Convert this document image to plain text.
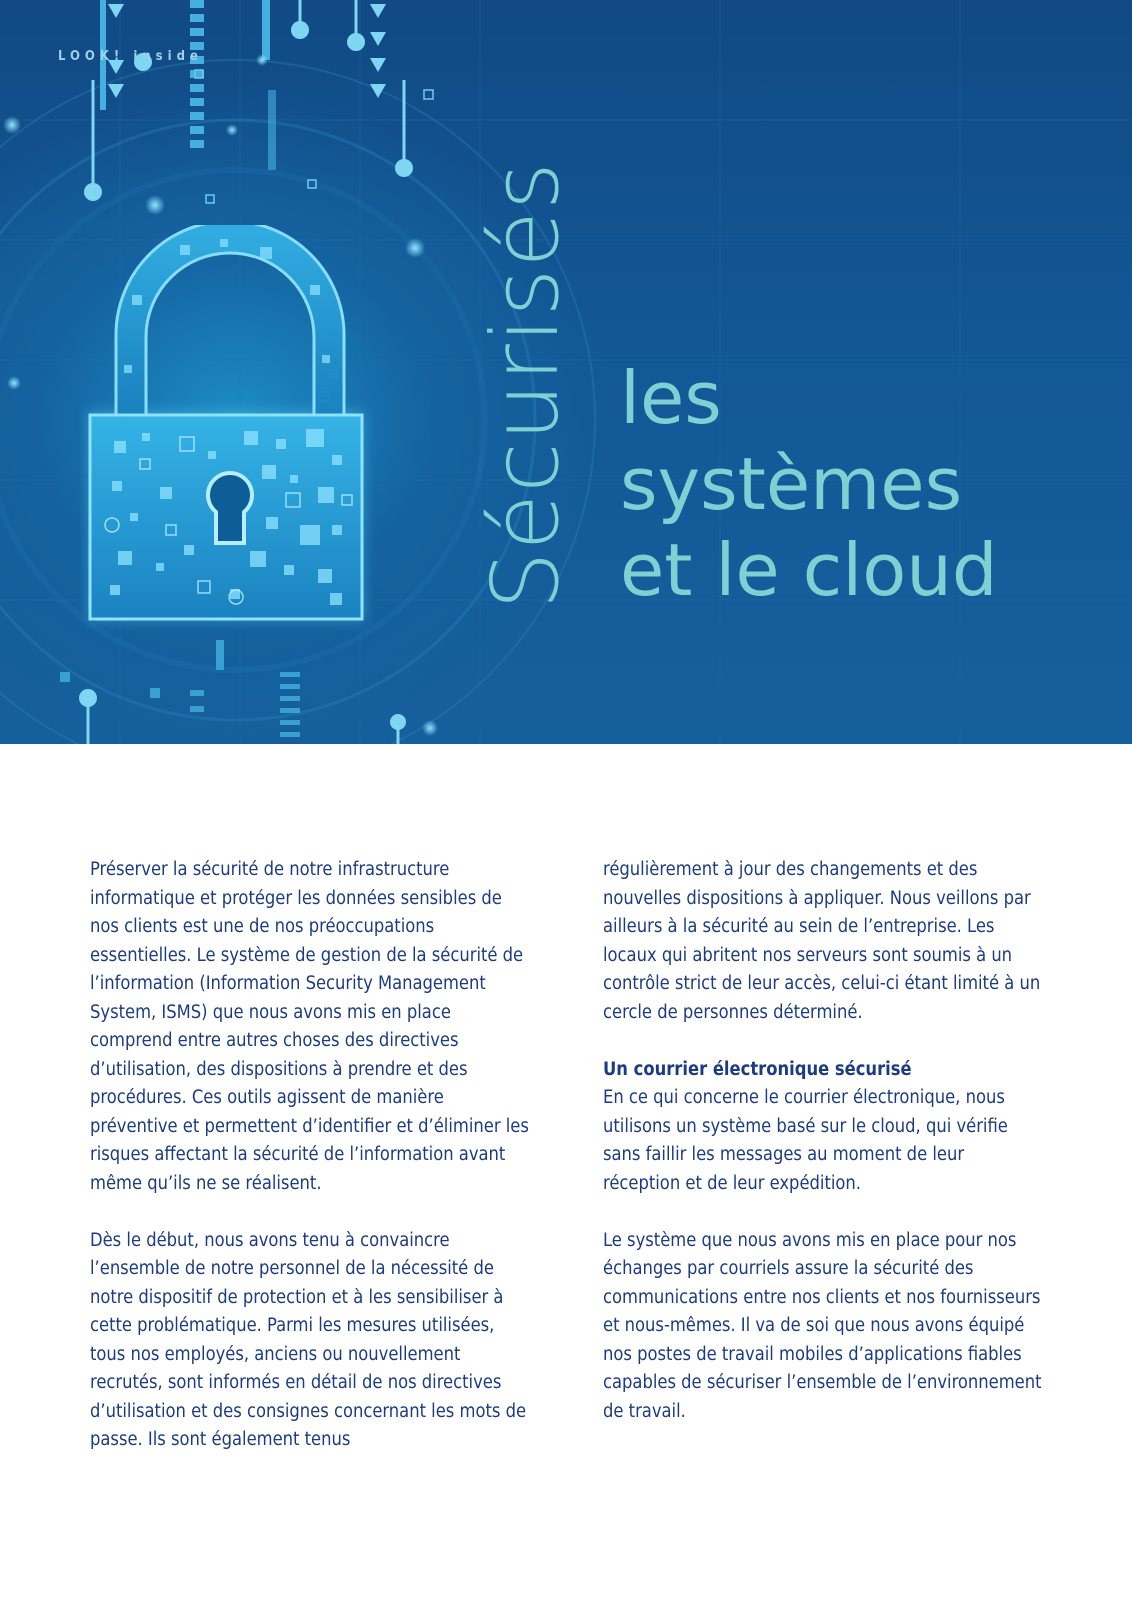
LOOK! inside
Sécurisés les
systèmes
et le cloud

Préserver la sécurité de notre infrastructure informatique et protéger les données sensibles de nos clients est une de nos préoccupations essentielles. Le système de gestion de la sécurité de l’information (Information Security Management System, ISMS) que nous avons mis en place comprend entre autres choses des directives d’utilisation, des dispositions à prendre et des procédures. Ces outils agissent de manière préventive et permettent d’identifier et d’éliminer les risques affectant la sécurité de l’information avant même qu’ils ne se réalisent.

Dès le début, nous avons tenu à convaincre l’ensemble de notre personnel de la nécessité de notre dispositif de protection et à les sensibiliser à cette problématique. Parmi les mesures utilisées, tous nos employés, anciens ou nouvellement recrutés, sont informés en détail de nos directives d’utilisation et des consignes concernant les mots de passe. Ils sont également tenus

régulièrement à jour des changements et des nouvelles dispositions à appliquer. Nous veillons par ailleurs à la sécurité au sein de l’entreprise. Les locaux qui abritent nos serveurs sont soumis à un contrôle strict de leur accès, celui-ci étant limité à un cercle de personnes déterminé.

Un courrier électronique sécurisé
En ce qui concerne le courrier électronique, nous utilisons un système basé sur le cloud, qui vérifie sans faillir les messages au moment de leur réception et de leur expédition.

Le système que nous avons mis en place pour nos échanges par courriels assure la sécurité des communications entre nos clients et nos fournisseurs et nous-mêmes. Il va de soi que nous avons équipé nos postes de travail mobiles d’applications fiables capables de sécuriser l’ensemble de l’environnement de travail.
